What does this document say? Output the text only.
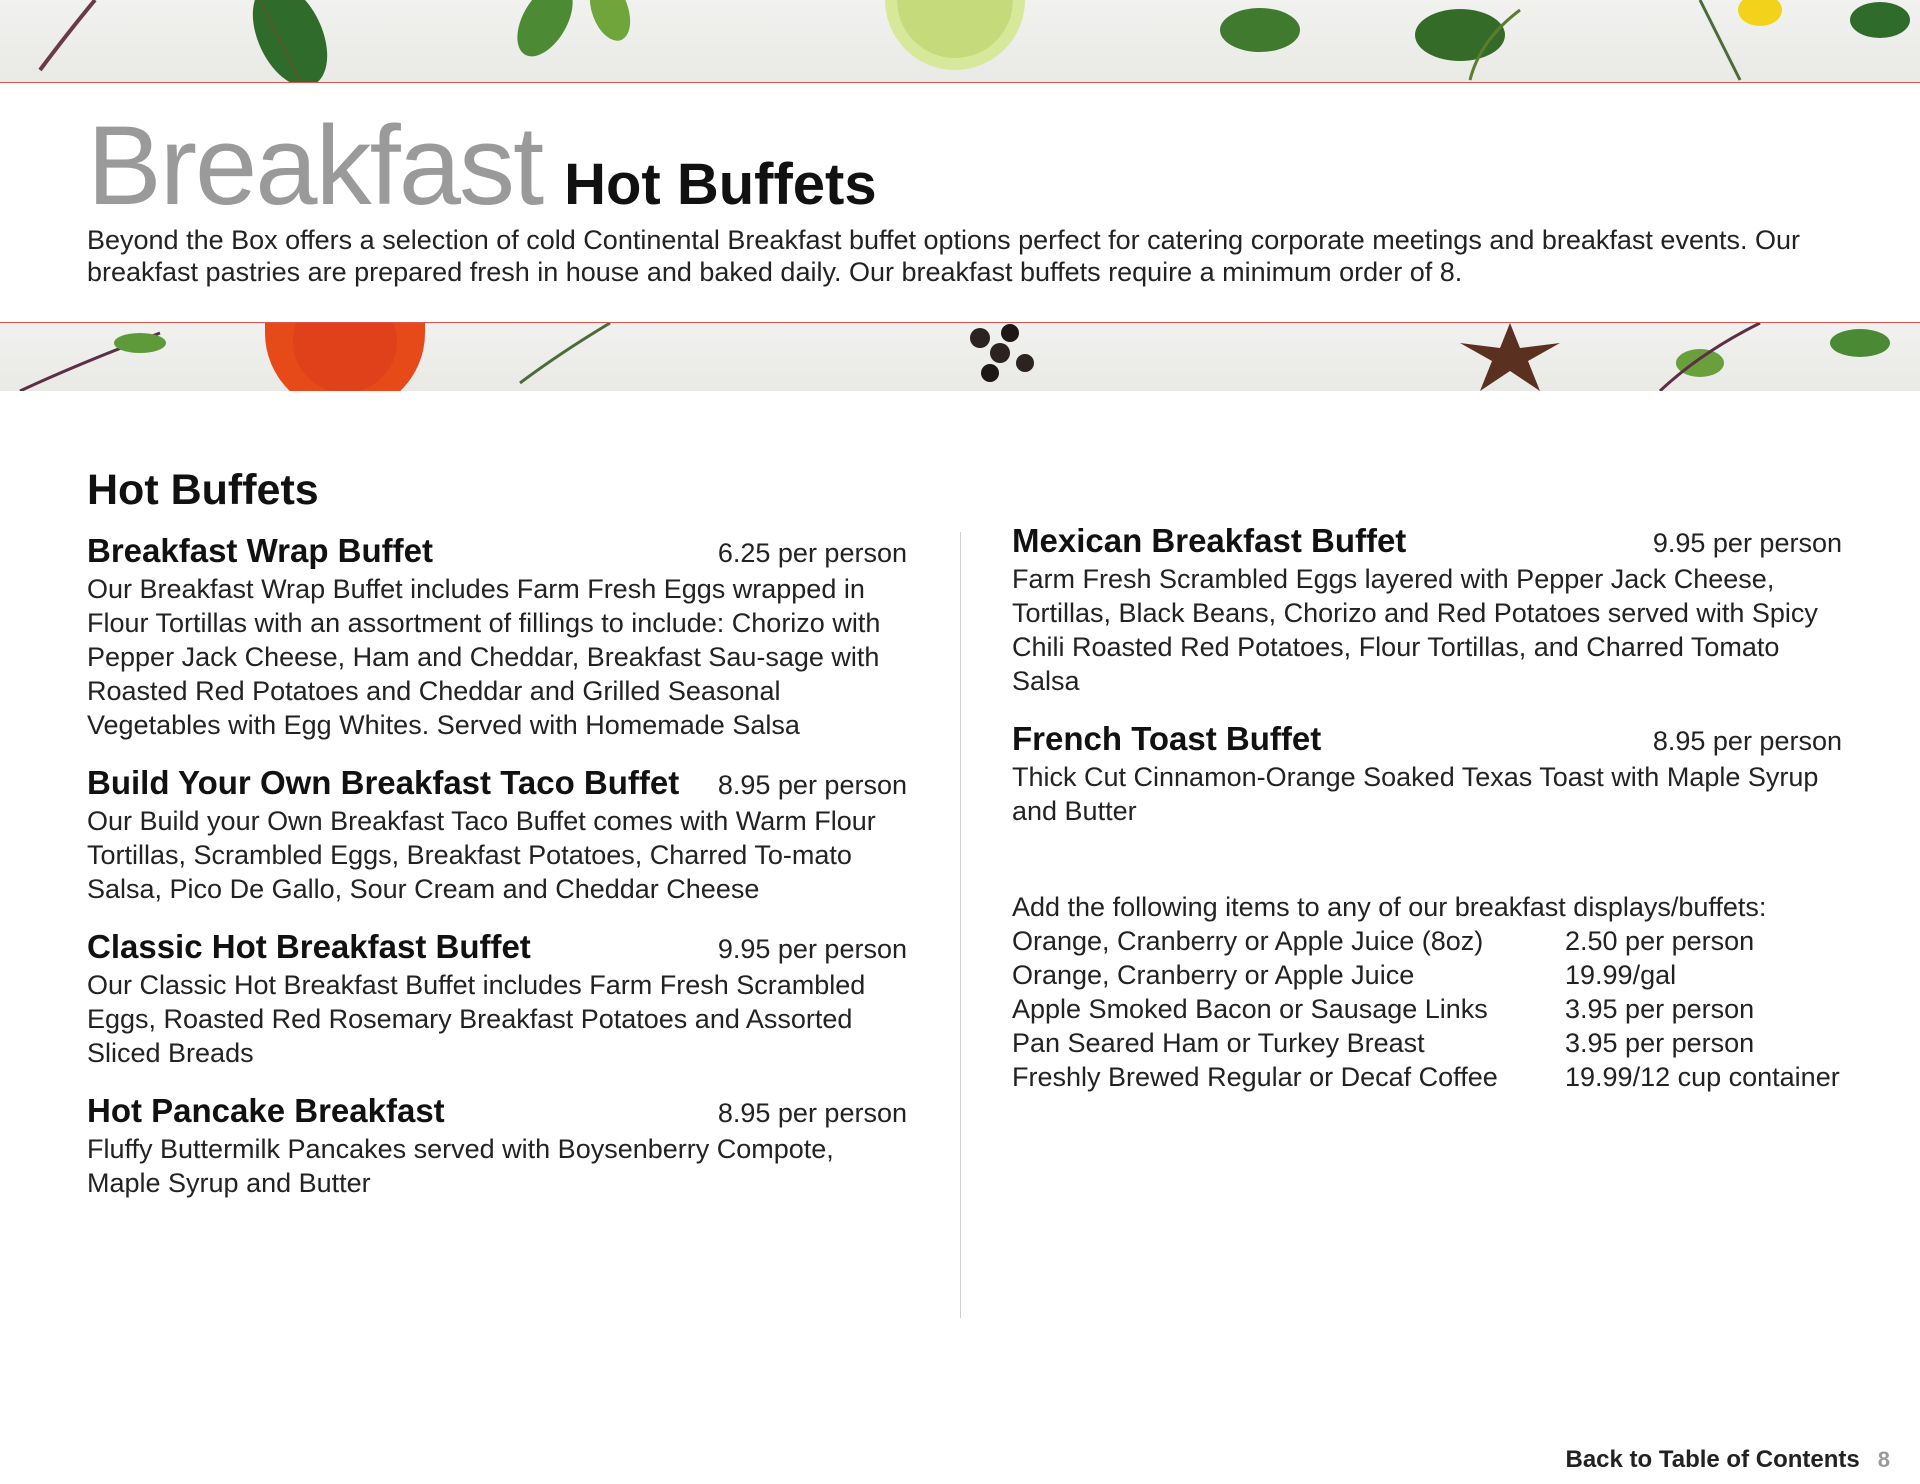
Breakfast Hot Buffets
Beyond the Box offers a selection of cold Continental Breakfast buffet options perfect for catering corporate meetings and breakfast events. Our breakfast pastries are prepared fresh in house and baked daily. Our breakfast buffets require a minimum order of 8.
Hot Buffets
Breakfast Wrap Buffet	6.25 per person
Our Breakfast Wrap Buffet includes Farm Fresh Eggs wrapped in Flour Tortillas with an assortment of fillings to include: Chorizo with Pepper Jack Cheese, Ham and Cheddar, Breakfast Sau-sage with Roasted Red Potatoes and Cheddar and Grilled Seasonal Vegetables with Egg Whites. Served with Homemade Salsa
Build Your Own Breakfast Taco Buffet 8.95 per person
Our Build your Own Breakfast Taco Buffet comes with Warm Flour Tortillas, Scrambled Eggs, Breakfast Potatoes, Charred To-mato Salsa, Pico De Gallo, Sour Cream and Cheddar Cheese
Classic Hot Breakfast Buffet	9.95 per person
Our Classic Hot Breakfast Buffet includes Farm Fresh Scrambled Eggs, Roasted Red Rosemary Breakfast Potatoes and Assorted Sliced Breads
Hot Pancake Breakfast	8.95 per person
Fluffy Buttermilk Pancakes served with Boysenberry Compote, Maple Syrup and Butter
Mexican Breakfast Buffet	9.95 per person
Farm Fresh Scrambled Eggs layered with Pepper Jack Cheese, Tortillas, Black Beans, Chorizo and Red Potatoes served with Spicy Chili Roasted Red Potatoes, Flour Tortillas, and Charred Tomato Salsa
French Toast Buffet	8.95 per person
Thick Cut Cinnamon-Orange Soaked Texas Toast with Maple Syrup and Butter
Add the following items to any of our breakfast displays/buffets:
Orange, Cranberry or Apple Juice (8oz)	2.50 per person
Orange, Cranberry or Apple Juice	19.99/gal
Apple Smoked Bacon or Sausage Links	3.95 per person
Pan Seared Ham or Turkey Breast	3.95 per person
Freshly Brewed Regular or Decaf Coffee	19.99/12 cup container
Back to Table of Contents 8
